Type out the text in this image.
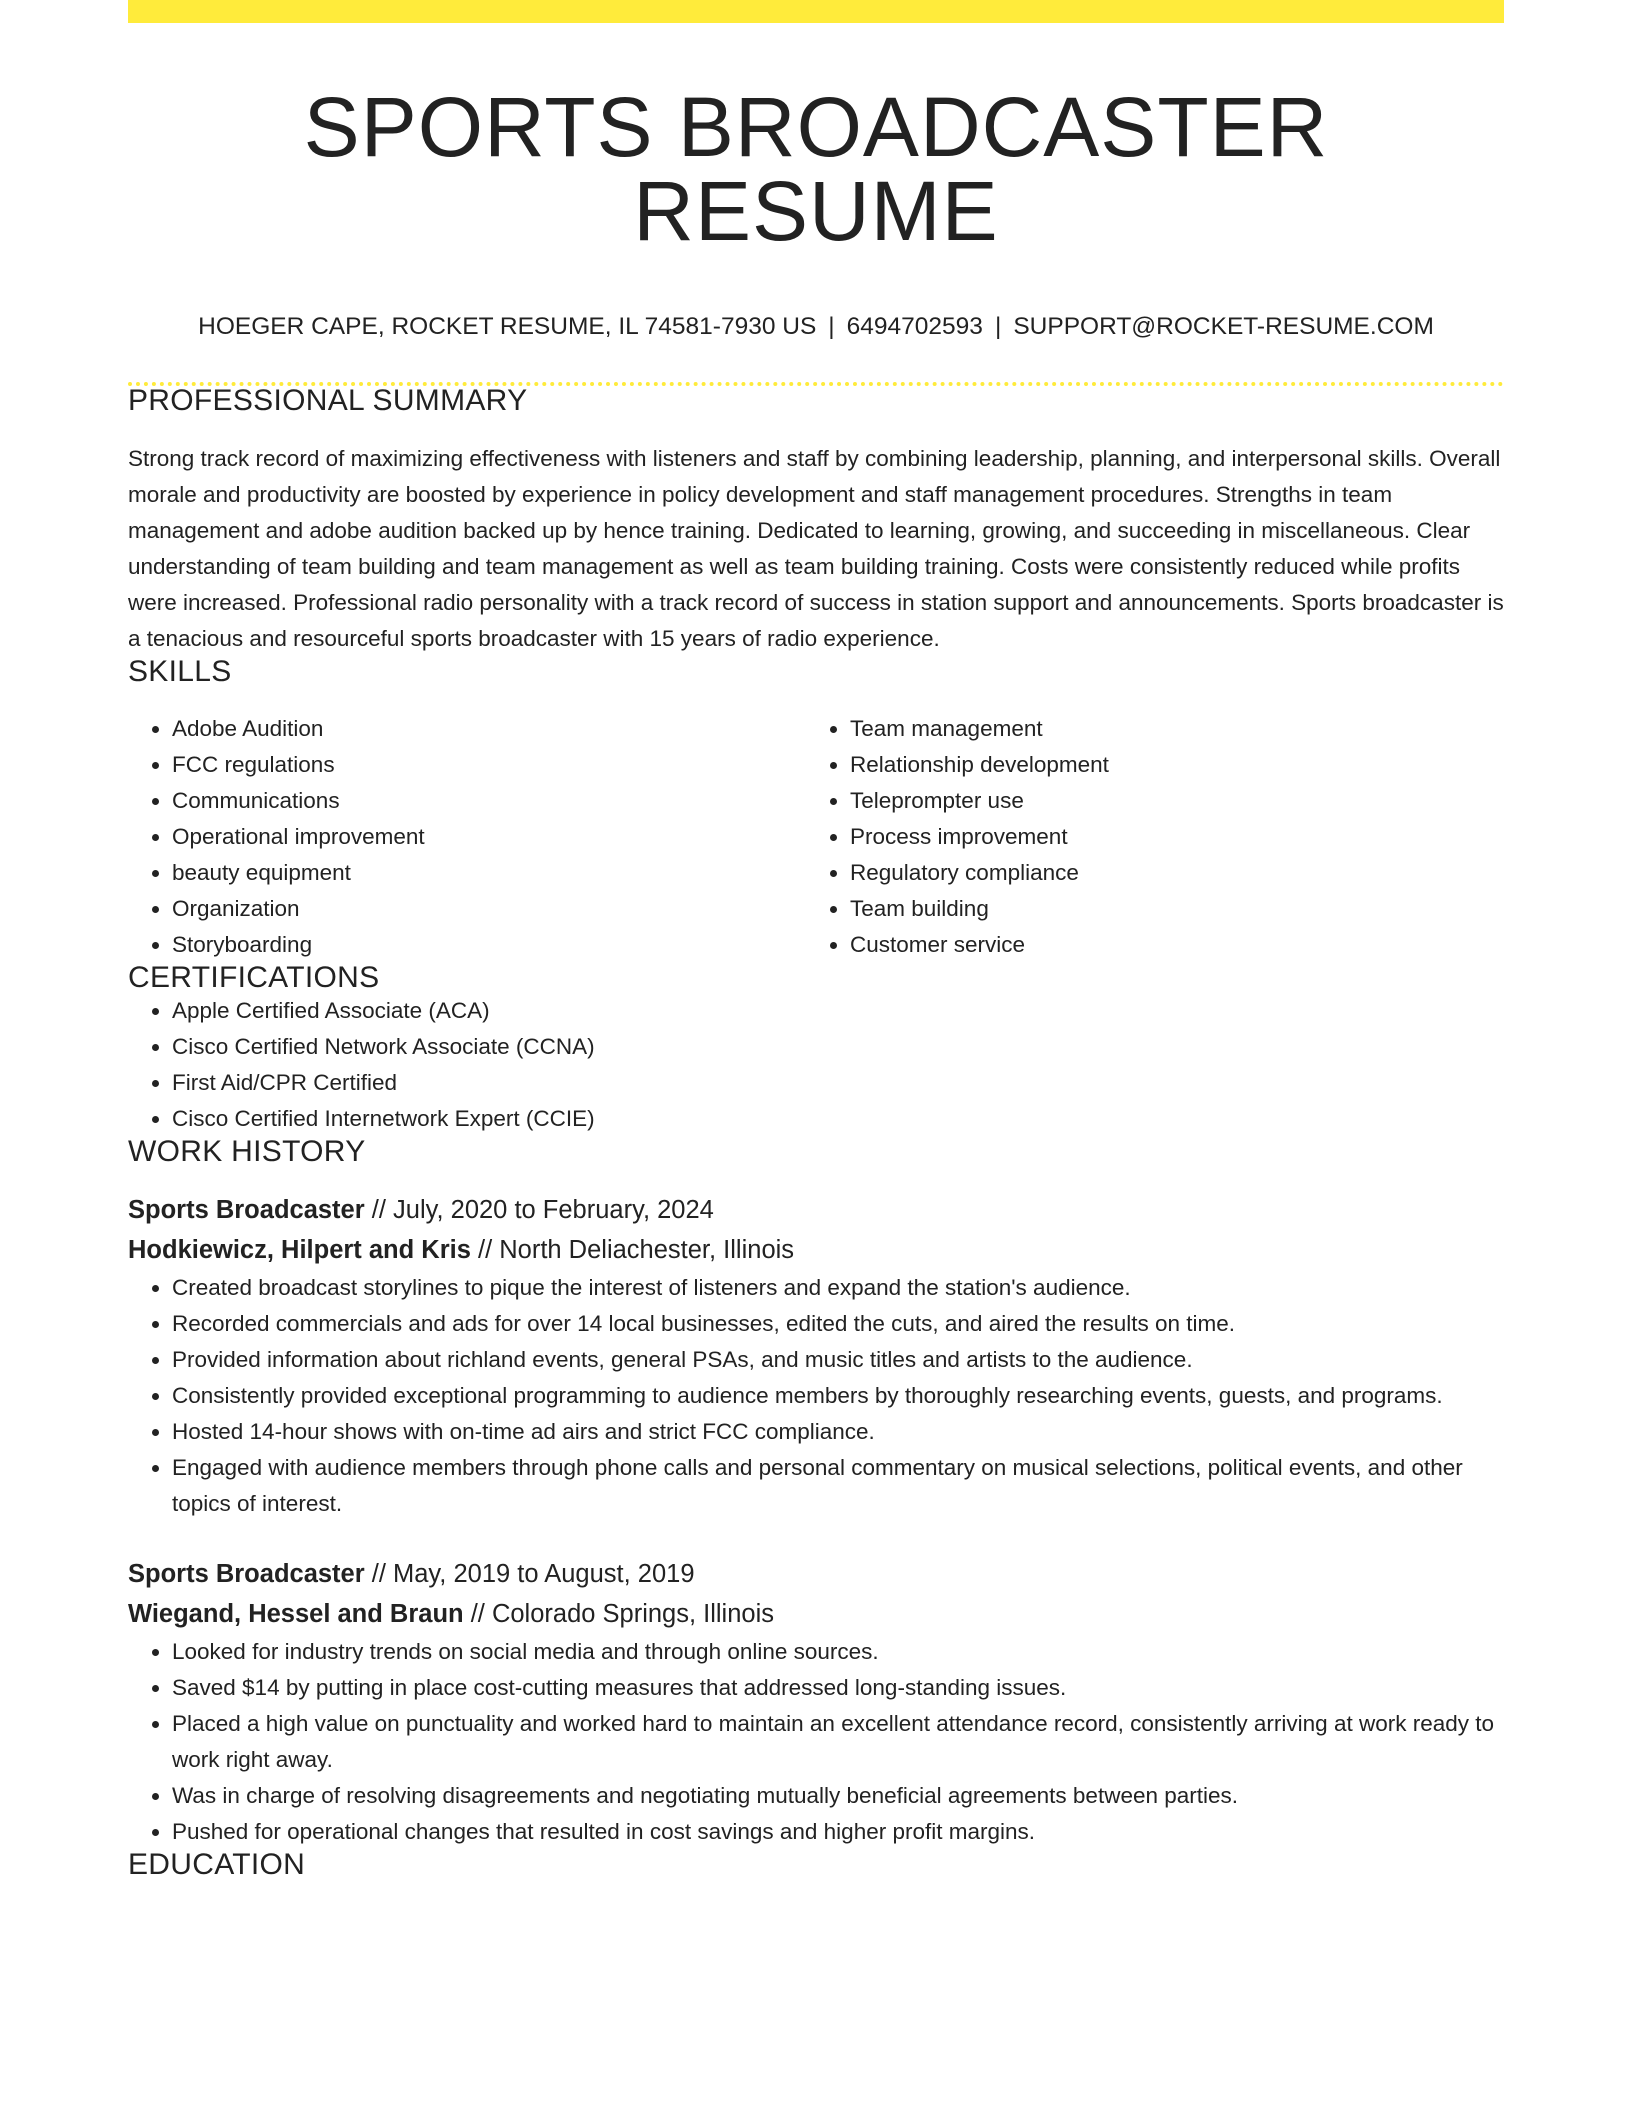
SPORTS BROADCASTER RESUME
HOEGER CAPE, ROCKET RESUME, IL 74581-7930 US | 6494702593 | SUPPORT@ROCKET-RESUME.COM
PROFESSIONAL SUMMARY
Strong track record of maximizing effectiveness with listeners and staff by combining leadership, planning, and interpersonal skills. Overall morale and productivity are boosted by experience in policy development and staff management procedures. Strengths in team management and adobe audition backed up by hence training. Dedicated to learning, growing, and succeeding in miscellaneous. Clear understanding of team building and team management as well as team building training. Costs were consistently reduced while profits were increased. Professional radio personality with a track record of success in station support and announcements. Sports broadcaster is a tenacious and resourceful sports broadcaster with 15 years of radio experience.
SKILLS
• Adobe Audition
• FCC regulations
• Communications
• Operational improvement
• beauty equipment
• Organization
• Storyboarding
• Team management
• Relationship development
• Teleprompter use
• Process improvement
• Regulatory compliance
• Team building
• Customer service
CERTIFICATIONS
• Apple Certified Associate (ACA)
• Cisco Certified Network Associate (CCNA)
• First Aid/CPR Certified
• Cisco Certified Internetwork Expert (CCIE)
WORK HISTORY
Sports Broadcaster // July, 2020 to February, 2024
Hodkiewicz, Hilpert and Kris // North Deliachester, Illinois
• Created broadcast storylines to pique the interest of listeners and expand the station's audience.
• Recorded commercials and ads for over 14 local businesses, edited the cuts, and aired the results on time.
• Provided information about richland events, general PSAs, and music titles and artists to the audience.
• Consistently provided exceptional programming to audience members by thoroughly researching events, guests, and programs.
• Hosted 14-hour shows with on-time ad airs and strict FCC compliance.
• Engaged with audience members through phone calls and personal commentary on musical selections, political events, and other topics of interest.
Sports Broadcaster // May, 2019 to August, 2019
Wiegand, Hessel and Braun // Colorado Springs, Illinois
• Looked for industry trends on social media and through online sources.
• Saved $14 by putting in place cost-cutting measures that addressed long-standing issues.
• Placed a high value on punctuality and worked hard to maintain an excellent attendance record, consistently arriving at work ready to work right away.
• Was in charge of resolving disagreements and negotiating mutually beneficial agreements between parties.
• Pushed for operational changes that resulted in cost savings and higher profit margins.
EDUCATION
